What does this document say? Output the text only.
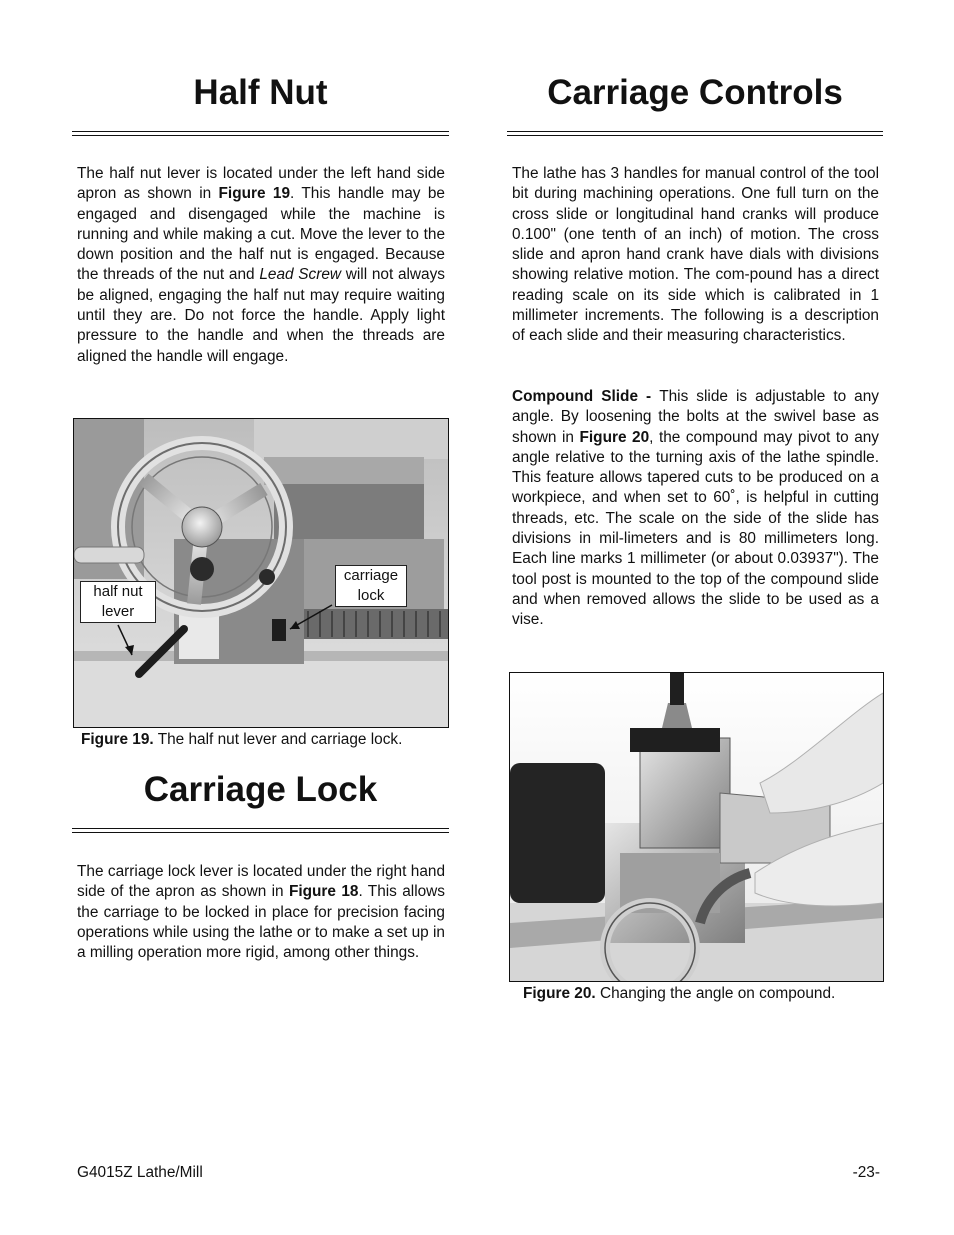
Half Nut

The half nut lever is located under the left hand side apron as shown in Figure 19. This handle may be engaged and disengaged while the machine is running and while making a cut. Move the lever to the down position and the half nut is engaged. Because the threads of the nut and Lead Screw will not always be aligned, engaging the half nut may require waiting until they are. Do not force the handle. Apply light pressure to the handle and when the threads are aligned the handle will engage.

Carriage Lock

The carriage lock lever is located under the right hand side of the apron as shown in Figure 18. This allows the carriage to be locked in place for precision facing operations while using the lathe or to make a set up in a milling operation more rigid, among other things.

half nut lever
carriage lock
Figure 19. The half nut lever and carriage lock.
Carriage Controls

The lathe has 3 handles for manual control of the tool bit during machining operations. One full turn on the cross slide or longitudinal hand cranks will produce 0.100" (one tenth of an inch) of motion. The cross slide and apron hand crank have dials with divisions showing relative motion. The com-pound has a direct reading scale on its side which is calibrated in 1 millimeter increments. The following is a description of each slide and their measuring characteristics.

Compound Slide - This slide is adjustable to any angle. By loosening the bolts at the swivel base as shown in Figure 20, the compound may pivot to any angle relative to the turning axis of the lathe spindle. This feature allows tapered cuts to be produced on a workpiece, and when set to 60˚, is helpful in cutting threads, etc. The scale on the side of the slide has divisions in mil-limeters and is 80 millimeters long. Each line marks 1 millimeter (or about 0.03937"). The tool post is mounted to the top of the compound slide and when removed allows the slide to be used as a vise.

Figure 20. Changing the angle on compound.
G4015Z Lathe/Mill	-23-
